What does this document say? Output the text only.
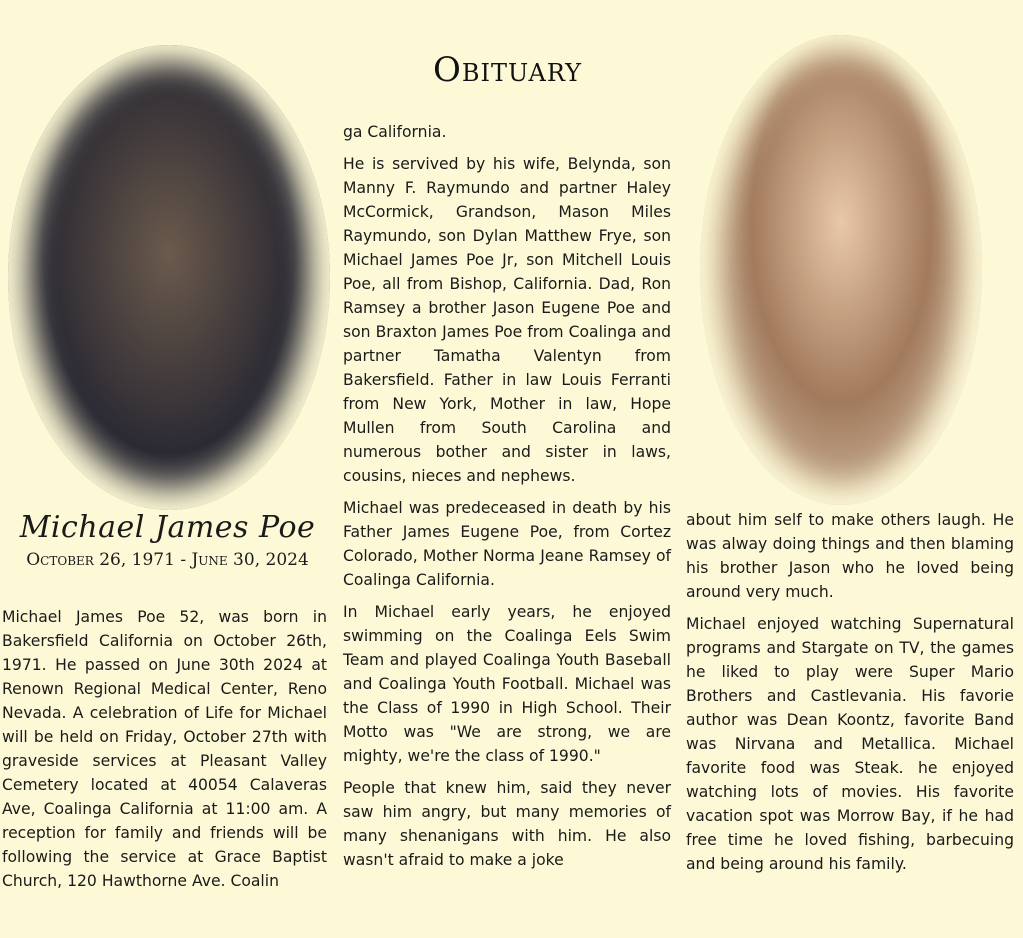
Obituary
Michael James Poe
October 26, 1971 - June 30, 2024

Michael James Poe 52, was born in Bakersfield California on October 26th, 1971. He passed on June 30th 2024 at Renown Regional Medical Center, Reno Nevada. A celebration of Life for Michael will be held on Friday, October 27th with graveside services at Pleasant Valley Cemetery located at 40054 Calaveras Ave, Coalinga California at 11:00 am. A reception for family and friends will be following the service at Grace Baptist Church, 120 Hawthorne Ave. Coalin

ga California.

He is servived by his wife, Belynda, son Manny F. Raymundo and partner Haley McCormick, Grandson, Mason Miles Raymundo, son Dylan Matthew Frye, son Michael James Poe Jr, son Mitchell Louis Poe, all from Bishop, California. Dad, Ron Ramsey a brother Jason Eugene Poe and son Braxton James Poe from Coalinga and partner Tamatha Valentyn from Bakersfield. Father in law Louis Ferranti from New York, Mother in law, Hope Mullen from South Carolina and numerous bother and sister in laws, cousins, nieces and nephews.

Michael was predeceased in death by his Father James Eugene Poe, from Cortez Colorado, Mother Norma Jeane Ramsey of Coalinga California.

In Michael early years, he enjoyed swimming on the Coalinga Eels Swim Team and played Coalinga Youth Baseball and Coalinga Youth Football. Michael was the Class of 1990 in High School. Their Motto was "We are strong, we are mighty, we're the class of 1990."

People that knew him, said they never saw him angry, but many memories of many shenanigans with him. He also wasn't afraid to make a joke

about him self to make others laugh. He was alway doing things and then blaming his brother Jason who he loved being around very much.

Michael enjoyed watching Supernatural programs and Stargate on TV, the games he liked to play were Super Mario Brothers and Castlevania. His favorie author was Dean Koontz, favorite Band was Nirvana and Metallica. Michael favorite food was Steak. he enjoyed watching lots of movies. His favorite vacation spot was Morrow Bay, if he had free time he loved fishing, barbecuing and being around his family.
